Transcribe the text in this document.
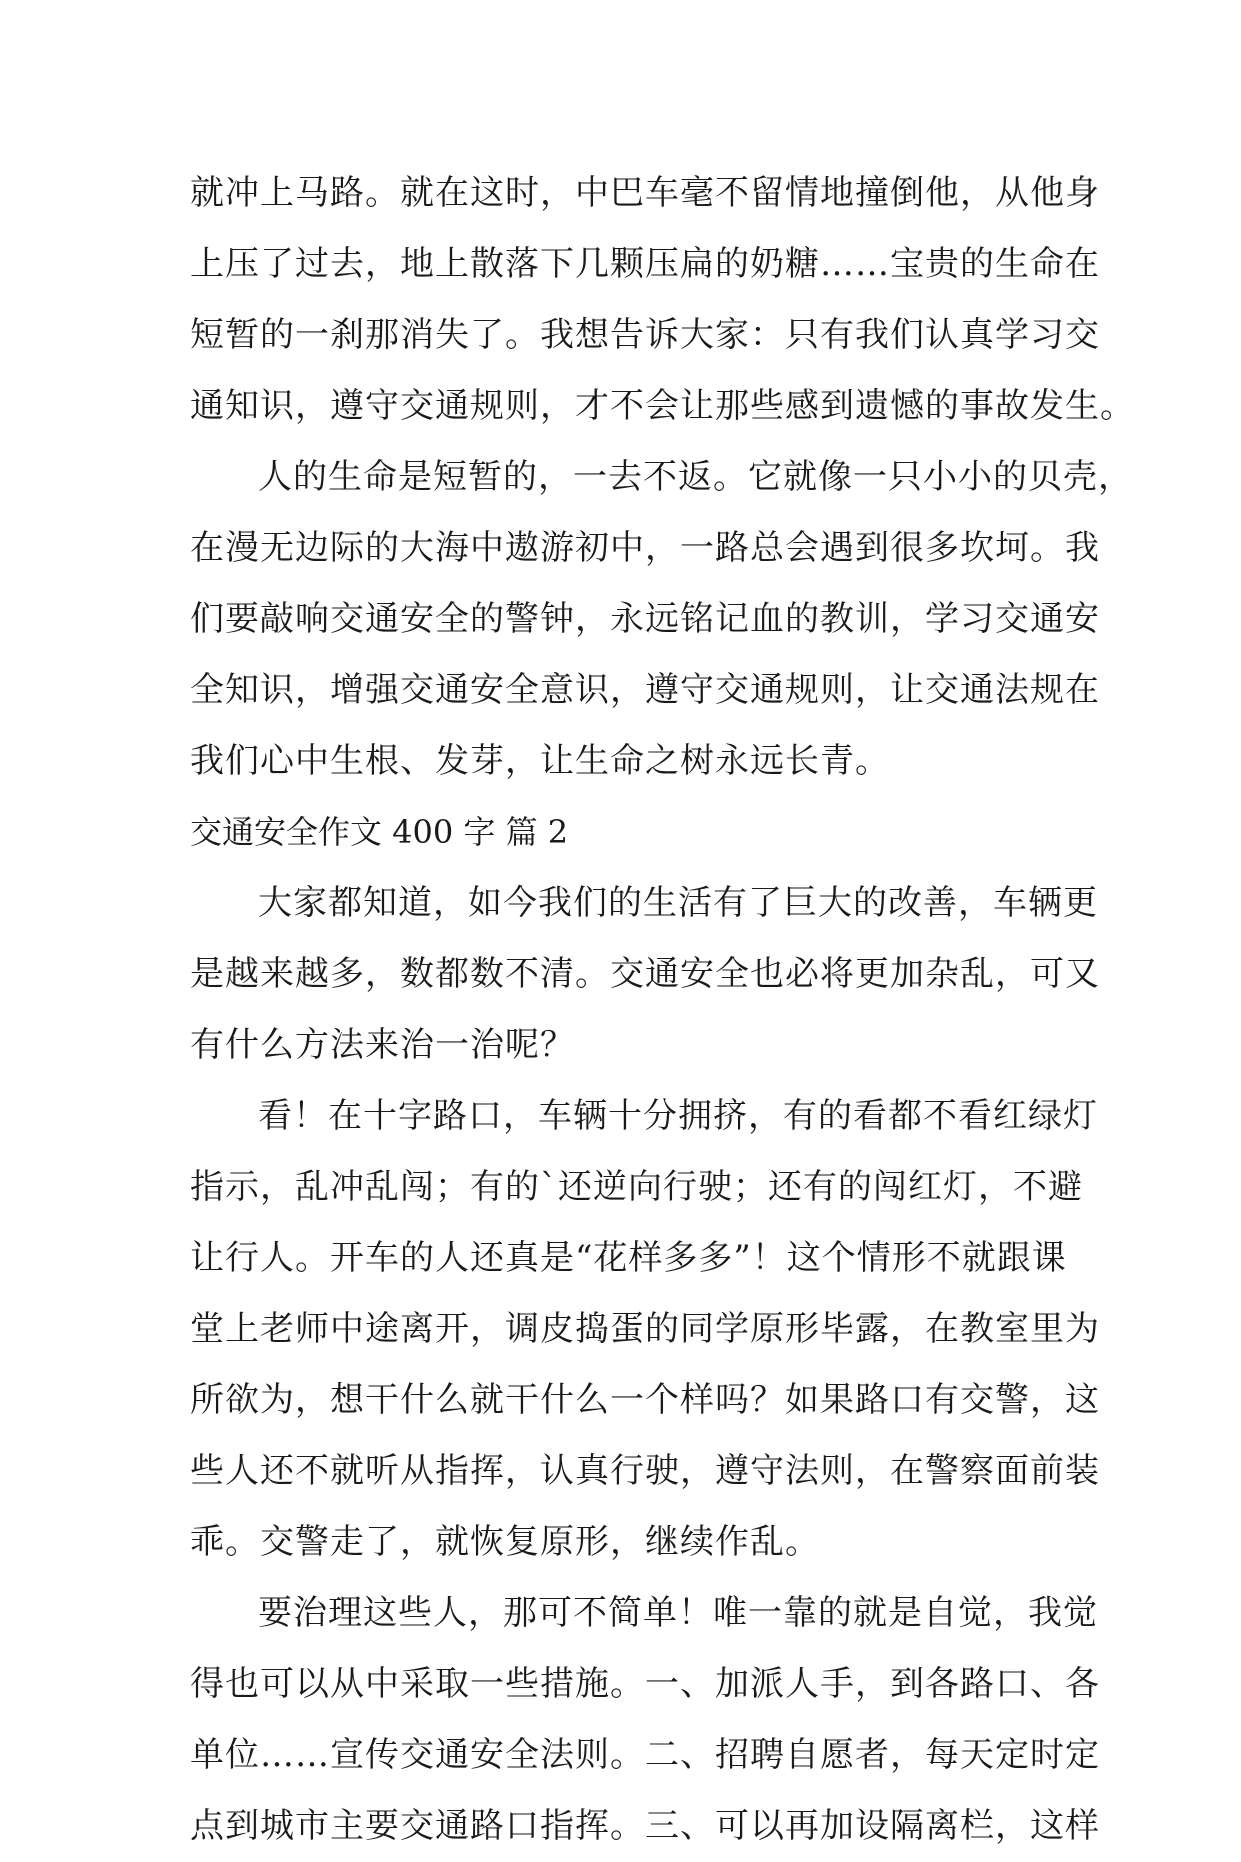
就冲上马路。就在这时，中巴车毫不留情地撞倒他，从他身
上压了过去，地上散落下几颗压扁的奶糖……宝贵的生命在
短暂的一刹那消失了。我想告诉大家：只有我们认真学习交
通知识，遵守交通规则，才不会让那些感到遗憾的事故发生。
人的生命是短暂的，一去不返。它就像一只小小的贝壳，
在漫无边际的大海中遨游初中，一路总会遇到很多坎坷。我
们要敲响交通安全的警钟，永远铭记血的教训，学习交通安
全知识，增强交通安全意识，遵守交通规则，让交通法规在
我们心中生根、发芽，让生命之树永远长青。
交通安全作文 400 字 篇 2
大家都知道，如今我们的生活有了巨大的改善，车辆更
是越来越多，数都数不清。交通安全也必将更加杂乱，可又
有什么方法来治一治呢？
看！在十字路口，车辆十分拥挤，有的看都不看红绿灯
指示，乱冲乱闯；有的`还逆向行驶；还有的闯红灯，不避
让行人。开车的人还真是“花样多多”！这个情形不就跟课
堂上老师中途离开，调皮捣蛋的同学原形毕露，在教室里为
所欲为，想干什么就干什么一个样吗？如果路口有交警，这
些人还不就听从指挥，认真行驶，遵守法则，在警察面前装
乖。交警走了，就恢复原形，继续作乱。
要治理这些人，那可不简单！唯一靠的就是自觉，我觉
得也可以从中采取一些措施。一、加派人手，到各路口、各
单位……宣传交通安全法则。二、招聘自愿者，每天定时定
点到城市主要交通路口指挥。三、可以再加设隔离栏，这样
